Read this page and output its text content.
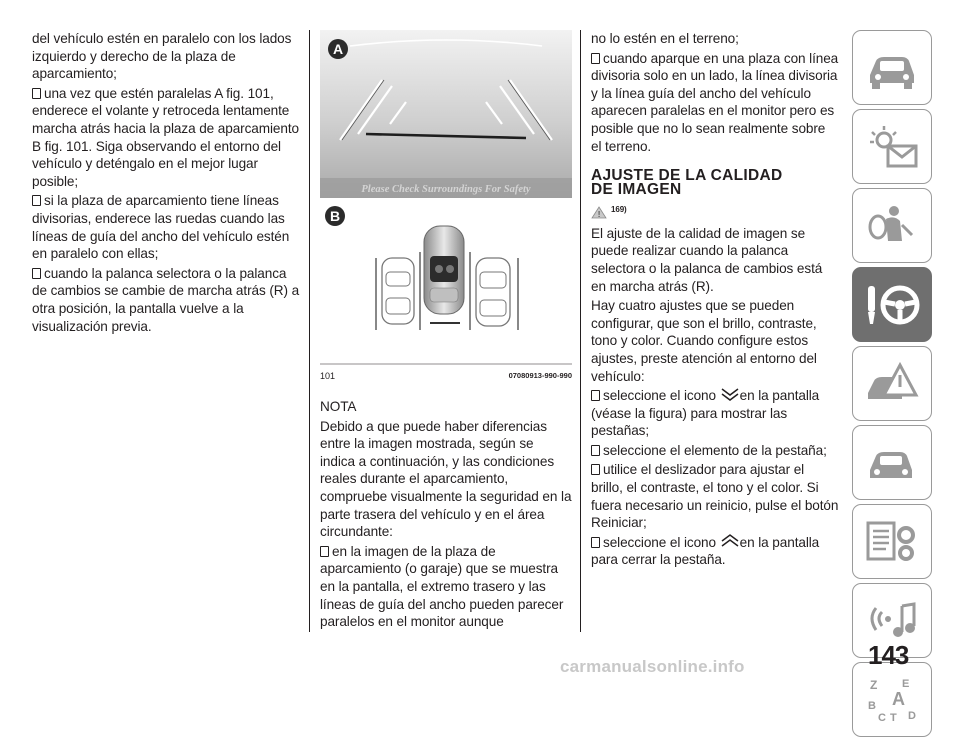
del vehículo estén en paralelo con los lados izquierdo y derecho de la plaza de aparcamiento;

una vez que estén paralelas A fig. 101, enderece el volante y retroceda lentamente marcha atrás hacia la plaza de aparcamiento B fig. 101. Siga observando el entorno del vehículo y deténgalo en el mejor lugar posible;

si la plaza de aparcamiento tiene líneas divisorias, enderece las ruedas cuando las líneas de guía del ancho del vehículo estén en paralelo con ellas;

cuando la palanca selectora o la palanca de cambios se cambie de marcha atrás (R) a otra posición, la pantalla vuelve a la visualización previa.

Please Check Surroundings For Safety
A
B
101	07080913-990-990

NOTA

Debido a que puede haber diferencias entre la imagen mostrada, según se indica a continuación, y las condiciones reales durante el aparcamiento, compruebe visualmente la seguridad en la parte trasera del vehículo y en el área circundante:

en la imagen de la plaza de aparcamiento (o garaje) que se muestra en la pantalla, el extremo trasero y las líneas de guía del ancho pueden parecer paralelos en el monitor aunque

no lo estén en el terreno;

cuando aparque en una plaza con línea divisoria solo en un lado, la línea divisoria y la línea guía del ancho del vehículo aparecen paralelas en el monitor pero es posible que no lo sean realmente sobre el terreno.

AJUSTE DE LA CALIDAD
DE IMAGEN
!
169)

El ajuste de la calidad de imagen se puede realizar cuando la palanca selectora o la palanca de cambios está en marcha atrás (R).

Hay cuatro ajustes que se pueden configurar, que son el brillo, contraste, tono y color. Cuando configure estos ajustes, preste atención al entorno del vehículo:

seleccione el icono en la pantalla (véase la figura) para mostrar las pestañas;

seleccione el elemento de la pestaña;

utilice el deslizador para ajustar el brillo, el contraste, el tono y el color. Si fuera necesario un reinicio, pulse el botón Reiniciar;

seleccione el icono en la pantalla para cerrar la pestaña.

Z E
B A
C T D
143
carmanualsonline.info
